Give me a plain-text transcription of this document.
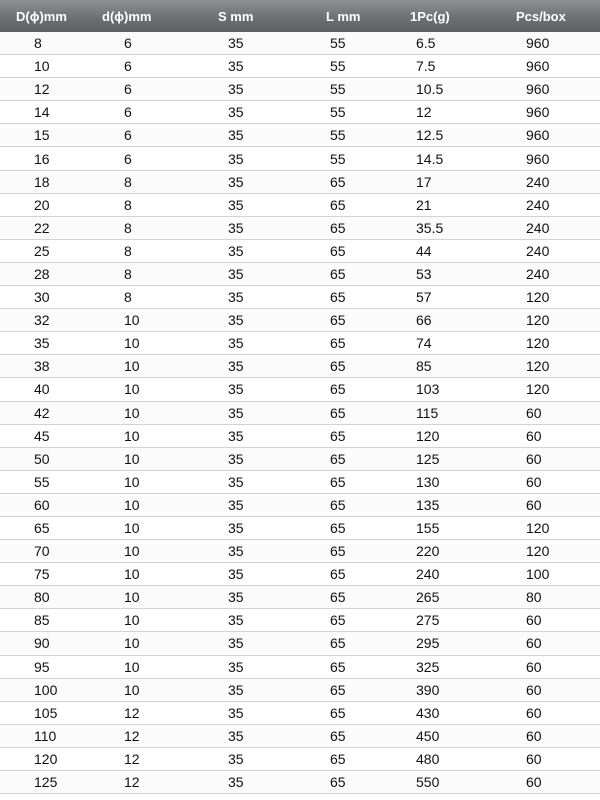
D(ϕ)mm	d(ϕ)mm	S mm	L mm	1Pc(g)	Pcs/box
8	6	35	55	6.5	960
10	6	35	55	7.5	960
12	6	35	55	10.5	960
14	6	35	55	12	960
15	6	35	55	12.5	960
16	6	35	55	14.5	960
18	8	35	65	17	240
20	8	35	65	21	240
22	8	35	65	35.5	240
25	8	35	65	44	240
28	8	35	65	53	240
30	8	35	65	57	120
32	10	35	65	66	120
35	10	35	65	74	120
38	10	35	65	85	120
40	10	35	65	103	120
42	10	35	65	115	60
45	10	35	65	120	60
50	10	35	65	125	60
55	10	35	65	130	60
60	10	35	65	135	60
65	10	35	65	155	120
70	10	35	65	220	120
75	10	35	65	240	100
80	10	35	65	265	80
85	10	35	65	275	60
90	10	35	65	295	60
95	10	35	65	325	60
100	10	35	65	390	60
105	12	35	65	430	60
110	12	35	65	450	60
120	12	35	65	480	60
125	12	35	65	550	60
